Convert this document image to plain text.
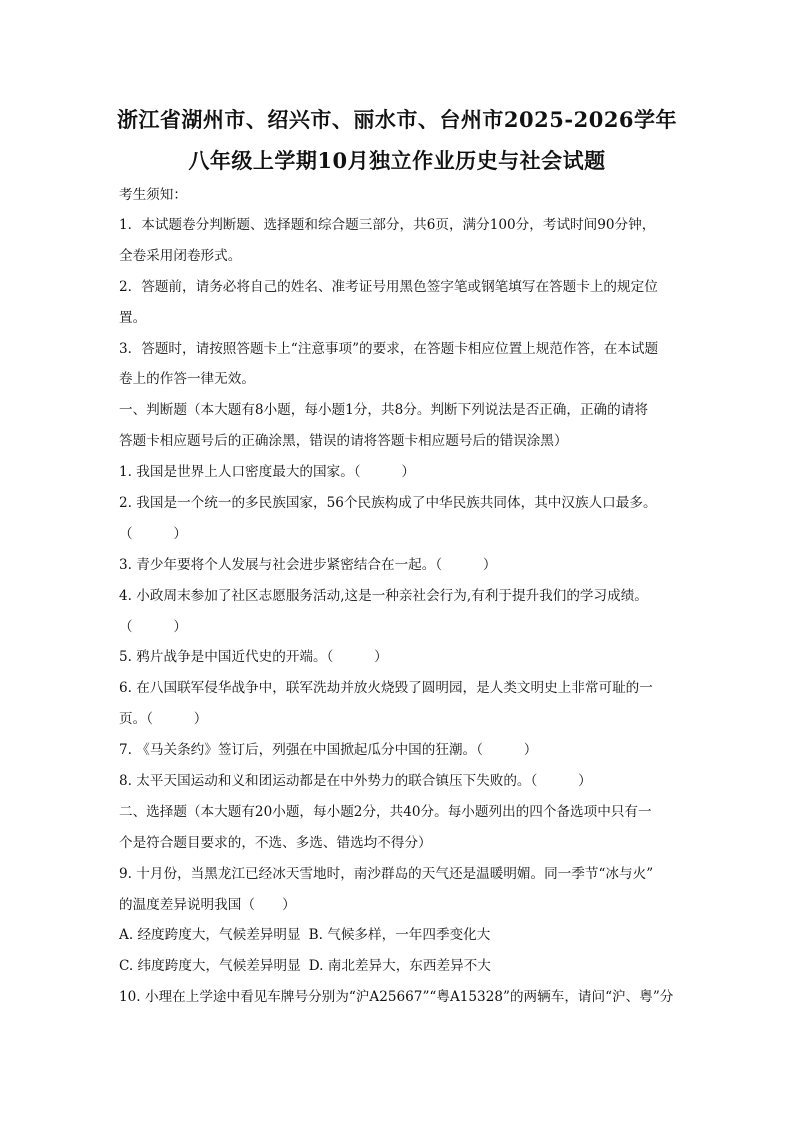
浙江省湖州市、绍兴市、丽水市、台州市2025-2026学年
八年级上学期10月独立作业历史与社会试题
考生须知：
1．本试题卷分判断题、选择题和综合题三部分，共6页，满分100分，考试时间90分钟，
全卷采用闭卷形式。
2．答题前，请务必将自己的姓名、准考证号用黑色签字笔或钢笔填写在答题卡上的规定位
置。
3．答题时，请按照答题卡上“注意事项”的要求，在答题卡相应位置上规范作答，在本试题
卷上的作答一律无效。
一、判断题（本大题有8小题，每小题1分，共8分。判断下列说法是否正确，正确的请将
答题卡相应题号后的正确涂黑，错误的请将答题卡相应题号后的错误涂黑）
1. 我国是世界上人口密度最大的国家。（　　　）
2. 我国是一个统一的多民族国家，56个民族构成了中华民族共同体，其中汉族人口最多。
（　　　）
3. 青少年要将个人发展与社会进步紧密结合在一起。（　　　）
4. 小政周末参加了社区志愿服务活动,这是一种亲社会行为,有利于提升我们的学习成绩。
（　　　）
5. 鸦片战争是中国近代史的开端。（　　　）
6. 在八国联军侵华战争中，联军洗劫并放火烧毁了圆明园，是人类文明史上非常可耻的一
页。（　　　）
7. 《马关条约》签订后，列强在中国掀起瓜分中国的狂潮。（　　　）
8. 太平天国运动和义和团运动都是在中外势力的联合镇压下失败的。（　　　）
二、选择题（本大题有20小题，每小题2分，共40分。每小题列出的四个备选项中只有一
个是符合题目要求的，不选、多选、错选均不得分）
9. 十月份，当黑龙江已经冰天雪地时，南沙群岛的天气还是温暖明媚。同一季节“冰与火”
的温度差异说明我国（　　）
A. 经度跨度大，气候差异明显 B. 气候多样，一年四季变化大
C. 纬度跨度大，气候差异明显 D. 南北差异大，东西差异不大
10. 小理在上学途中看见车牌号分别为“沪A25667”“粤A15328”的两辆车，请问“沪、粤”分
